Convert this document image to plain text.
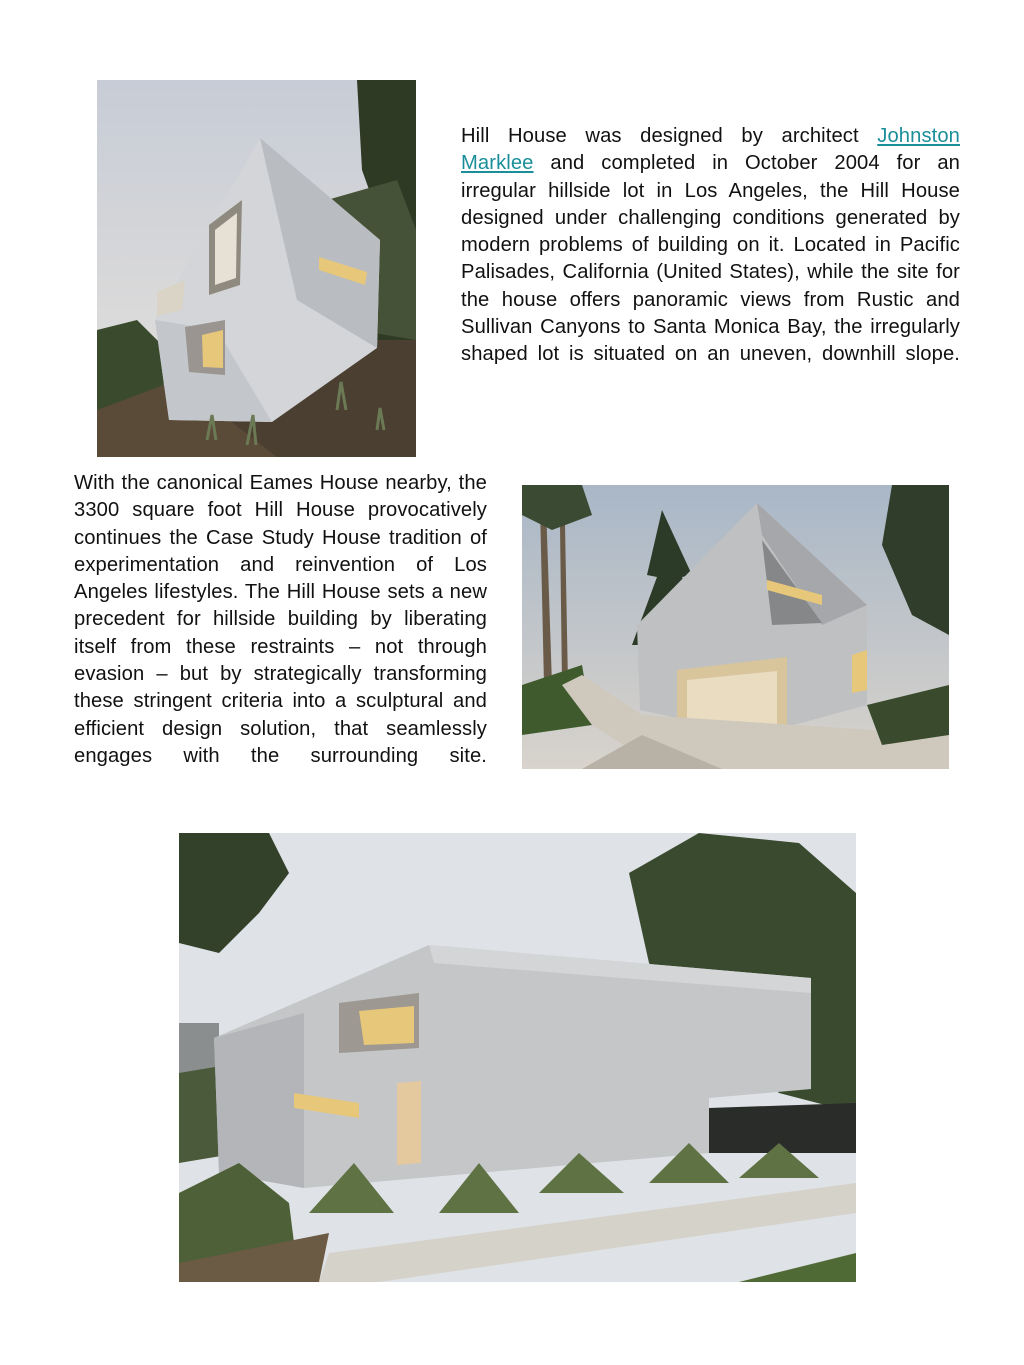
Hill House was designed by architect Johnston Marklee and completed in October 2004 for an irregular hillside lot in Los Angeles, the Hill House designed under challenging conditions generated by modern problems of building on it. Located in Pacific Palisades, California (United States), while the site for the house offers panoramic views from Rustic and Sullivan Canyons to Santa Monica Bay, the irregularly shaped lot is situated on an uneven, downhill slope.

With the canonical Eames House nearby, the 3300 square foot Hill House provocatively continues the Case Study House tradition of experimentation and reinvention of Los Angeles lifestyles. The Hill House sets a new precedent for hillside building by liberating itself from these restraints – not through evasion – but by strategically transforming these stringent criteria into a sculptural and efficient design solution, that seamlessly engages with the surrounding site.
